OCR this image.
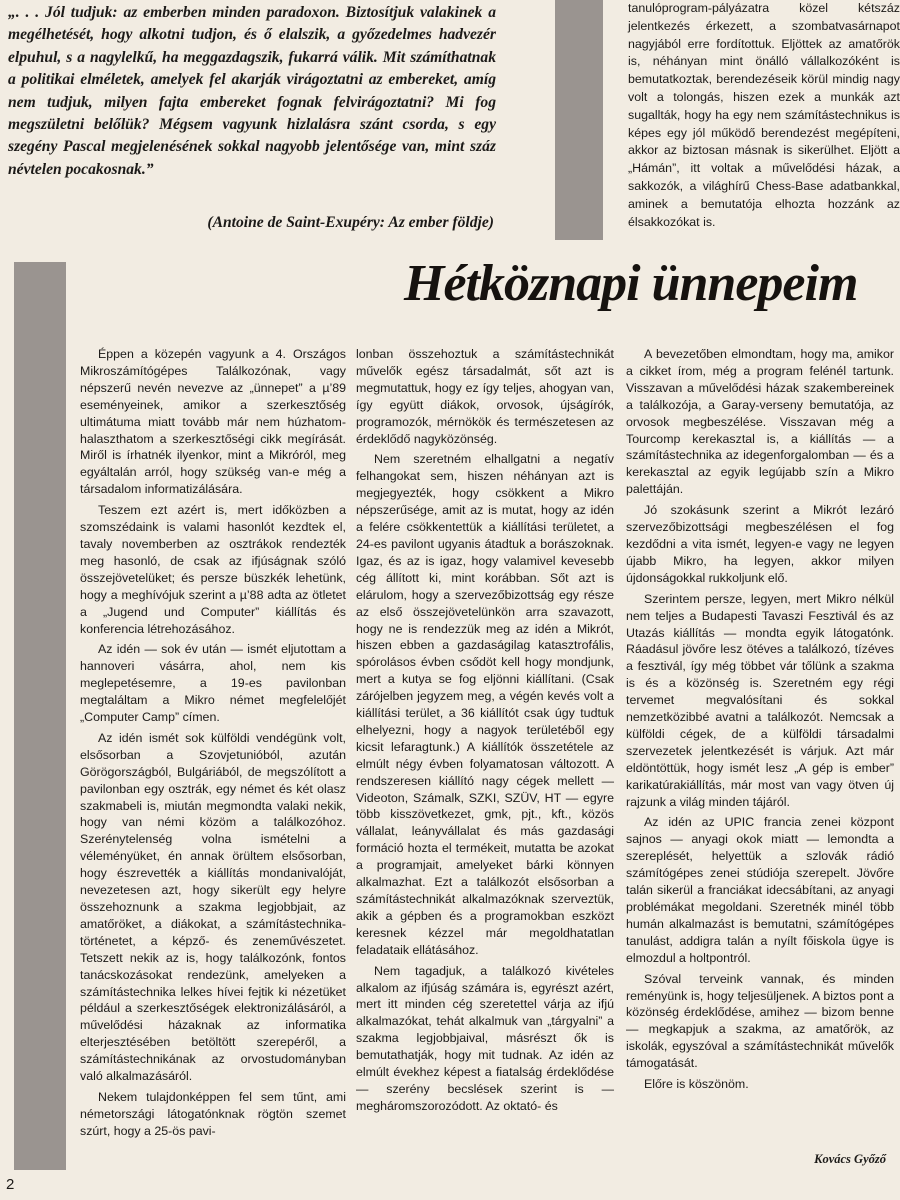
„. . . Jól tudjuk: az emberben minden paradoxon. Biztosítjuk valakinek a megélhetését, hogy alkotni tudjon, és ő elalszik, a győzedelmes hadvezér elpuhul, s a nagylelkű, ha meggazdagszik, fukarrá válik. Mit számíthatnak a politikai elméletek, amelyek fel akarják virágoztatni az embereket, amíg nem tudjuk, milyen fajta embereket fognak felvirágoztatni? Mi fog megszületni belőlük? Mégsem vagyunk hizlalásra szánt csorda, s egy szegény Pascal megjelenésének sokkal nagyobb jelentősége van, mint száz névtelen pocakosnak.”

(Antoine de Saint-Exupéry: Az ember földje)

tanulóprogram-pályázatra közel kétszáz jelentkezés érkezett, a szombatvasárnapot nagyjából erre fordítottuk. Eljöttek az amatőrök is, néhányan mint önálló vállalkozóként is bemutatkoztak, berendezéseik körül mindig nagy volt a tolongás, hiszen ezek a munkák azt sugallták, hogy ha egy nem számítástechnikus is képes egy jól működő berendezést megépíteni, akkor az biztosan másnak is sikerülhet. Eljött a „Hámán”, itt voltak a művelődési házak, a sakkozók, a világhírű Chess-Base adatbankkal, aminek a bemutatója elhozta hozzánk az élsakkozókat is.

Hétköznapi ünnepeim

Éppen a közepén vagyunk a 4. Országos Mikroszámítógépes Találkozónak, vagy népszerű nevén nevezve az „ünnepet” a µ’89 eseményeinek, amikor a szerkesztőség ultimátuma miatt tovább már nem húzhatom-halaszthatom a szerkesztőségi cikk megírását. Miről is írhatnék ilyenkor, mint a Mikróról, meg egyáltalán arról, hogy szükség van-e még a társadalom informatizálására.

Teszem ezt azért is, mert időközben a szomszédaink is valami hasonlót kezdtek el, tavaly novemberben az osztrákok rendezték meg hasonló, de csak az ifjúságnak szóló összejövetelüket; és persze büszkék lehetünk, hogy a meghívójuk szerint a µ’88 adta az ötletet a „Jugend und Computer” kiállítás és konferencia létrehozásához.

Az idén — sok év után — ismét eljutottam a hannoveri vásárra, ahol, nem kis meglepetésemre, a 19-es pavilonban megtaláltam a Mikro német megfelelőjét „Computer Camp” címen.

Az idén ismét sok külföldi vendégünk volt, elsősorban a Szovjetunióból, azután Görögországból, Bulgáriából, de megszólított a pavilonban egy osztrák, egy német és két olasz szakmabeli is, miután megmondta valaki nekik, hogy van némi közöm a találkozóhoz. Szerénytelenség volna ismételni a véleményüket, én annak örültem elsősorban, hogy észrevették a kiállítás mondanivalóját, nevezetesen azt, hogy sikerült egy helyre összehoznunk a szakma legjobbjait, az amatőröket, a diákokat, a számítástechnika-történetet, a képző- és zeneművészetet. Tetszett nekik az is, hogy találkozónk, fontos tanácskozásokat rendezünk, amelyeken a számítástechnika lelkes hívei fejtik ki nézetüket például a szerkesztőségek elektronizálásáról, a művelődési házaknak az informatika elterjesztésében betöltött szerepéről, a számítástechnikának az orvostudományban való alkalmazásáról.

Nekem tulajdonképpen fel sem tűnt, ami németországi látogatónknak rögtön szemet szúrt, hogy a 25-ös pavi-

lonban összehoztuk a számítástechnikát művelők egész társadalmát, sőt azt is megmutattuk, hogy ez így teljes, ahogyan van, így együtt diákok, orvosok, újságírók, programozók, mérnökök és természetesen az érdeklődő nagyközönség.

Nem szeretném elhallgatni a negatív felhangokat sem, hiszen néhányan azt is megjegyezték, hogy csökkent a Mikro népszerűsége, amit az is mutat, hogy az idén a felére csökkentettük a kiállítási területet, a 24-es pavilont ugyanis átadtuk a borászoknak. Igaz, és az is igaz, hogy valamivel kevesebb cég állított ki, mint korábban. Sőt azt is elárulom, hogy a szervezőbizottság egy része az első összejövetelünkön arra szavazott, hogy ne is rendezzük meg az idén a Mikrót, hiszen ebben a gazdaságilag katasztrofális, spórolásos évben csődöt kell hogy mondjunk, mert a kutya se fog eljönni kiállítani. (Csak zárójelben jegyzem meg, a végén kevés volt a kiállítási terület, a 36 kiállítót csak úgy tudtuk elhelyezni, hogy a nagyok területéből egy kicsit lefaragtunk.) A kiállítók összetétele az elmúlt négy évben folyamatosan változott. A rendszeresen kiállító nagy cégek mellett — Videoton, Számalk, SZKI, SZÜV, HT — egyre több kisszövetkezet, gmk, pjt., kft., közös vállalat, leányvállalat és más gazdasági formáció hozta el termékeit, mutatta be azokat a programjait, amelyeket bárki könnyen alkalmazhat. Ezt a találkozót elsősorban a számítástechnikát alkalmazóknak szerveztük, akik a gépben és a programokban eszközt keresnek kézzel már megoldhatatlan feladataik ellátásához.

Nem tagadjuk, a találkozó kivételes alkalom az ifjúság számára is, egyrészt azért, mert itt minden cég szeretettel várja az ifjú alkalmazókat, tehát alkalmuk van „tárgyalni” a szakma legjobbjaival, másrészt ők is bemutathatják, hogy mit tudnak. Az idén az elmúlt évekhez képest a fiatalság érdeklődése — szerény becslések szerint is — megháromszorozódott. Az oktató- és

A bevezetőben elmondtam, hogy ma, amikor a cikket írom, még a program felénél tartunk. Visszavan a művelődési házak szakembereinek a találkozója, a Garay-verseny bemutatója, az orvosok megbeszélése. Visszavan még a Tourcomp kerekasztal is, a kiállítás — a számítástechnika az idegenforgalomban — és a kerekasztal az egyik legújabb szín a Mikro palettáján.

Jó szokásunk szerint a Mikrót lezáró szervezőbizottsági megbeszélésen el fog kezdődni a vita ismét, legyen-e vagy ne legyen újabb Mikro, ha legyen, akkor milyen újdonságokkal rukkoljunk elő.

Szerintem persze, legyen, mert Mikro nélkül nem teljes a Budapesti Tavaszi Fesztivál és az Utazás kiállítás — mondta egyik látogatónk. Ráadásul jövőre lesz ötéves a találkozó, tízéves a fesztivál, így még többet vár tőlünk a szakma is és a közönség is. Szeretném egy régi tervemet megvalósítani és sokkal nemzetközibbé avatni a találkozót. Nemcsak a külföldi cégek, de a külföldi társadalmi szervezetek jelentkezését is várjuk. Azt már eldöntöttük, hogy ismét lesz „A gép is ember” karikatúrakiállítás, már most van vagy ötven új rajzunk a világ minden tájáról.

Az idén az UPIC francia zenei központ sajnos — anyagi okok miatt — lemondta a szereplését, helyettük a szlovák rádió számítógépes zenei stúdiója szerepelt. Jövőre talán sikerül a franciákat idecsábítani, az anyagi problémákat megoldani. Szeretnék minél több humán alkalmazást is bemutatni, számítógépes tanulást, addigra talán a nyílt főiskola ügye is elmozdul a holtpontról.

Szóval terveink vannak, és minden reményünk is, hogy teljesüljenek. A biztos pont a közönség érdeklődése, amihez — bizom benne — megkapjuk a szakma, az amatőrök, az iskolák, egyszóval a számítástechnikát művelők támogatását.

Előre is köszönöm.

Kovács Győző

2
